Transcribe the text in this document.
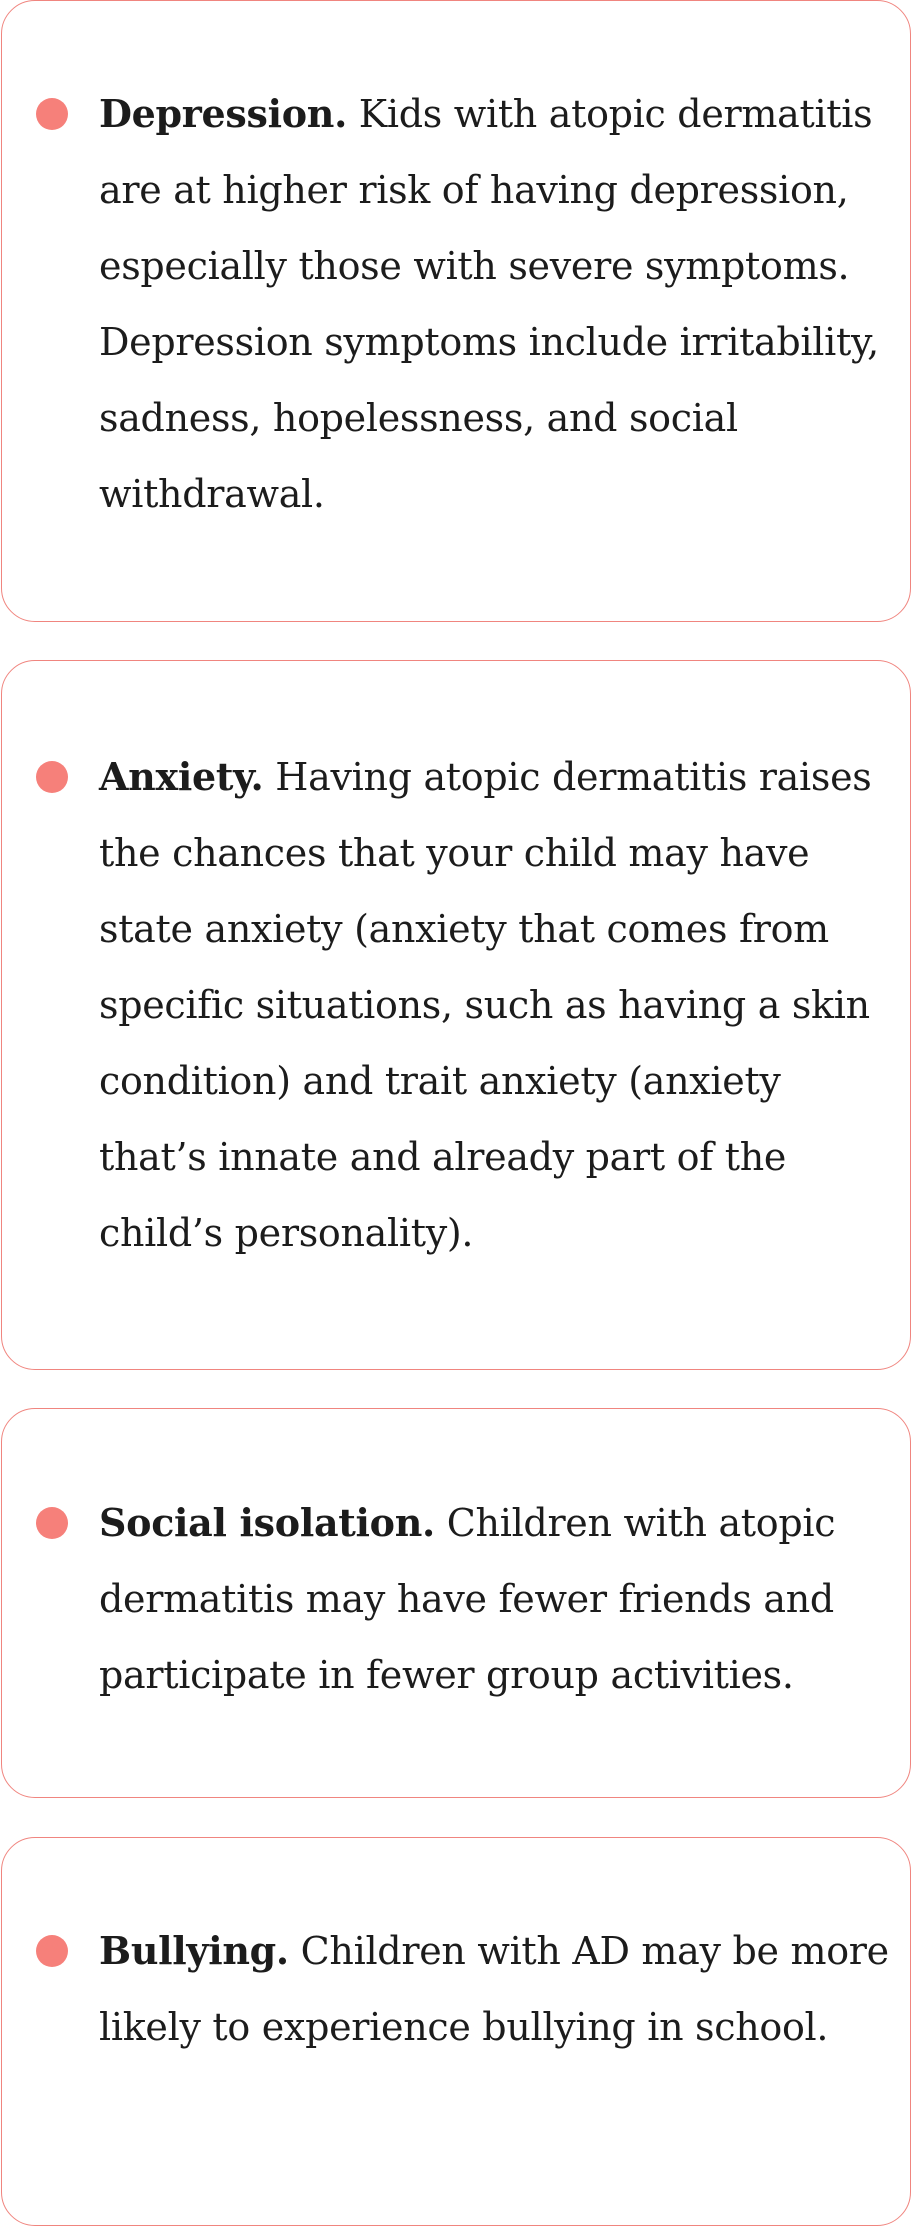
Depression. Kids with atopic dermatitis are at higher risk of having depression, especially those with severe symptoms. Depression symptoms include irritability, sadness, hopelessness, and social withdrawal.

Anxiety. Having atopic dermatitis raises the chances that your child may have state anxiety (anxiety that comes from specific situations, such as having a skin condition) and trait anxiety (anxiety that’s innate and already part of the child’s personality).

Social isolation. Children with atopic dermatitis may have fewer friends and participate in fewer group activities.

Bullying. Children with AD may be more likely to experience bullying in school.
